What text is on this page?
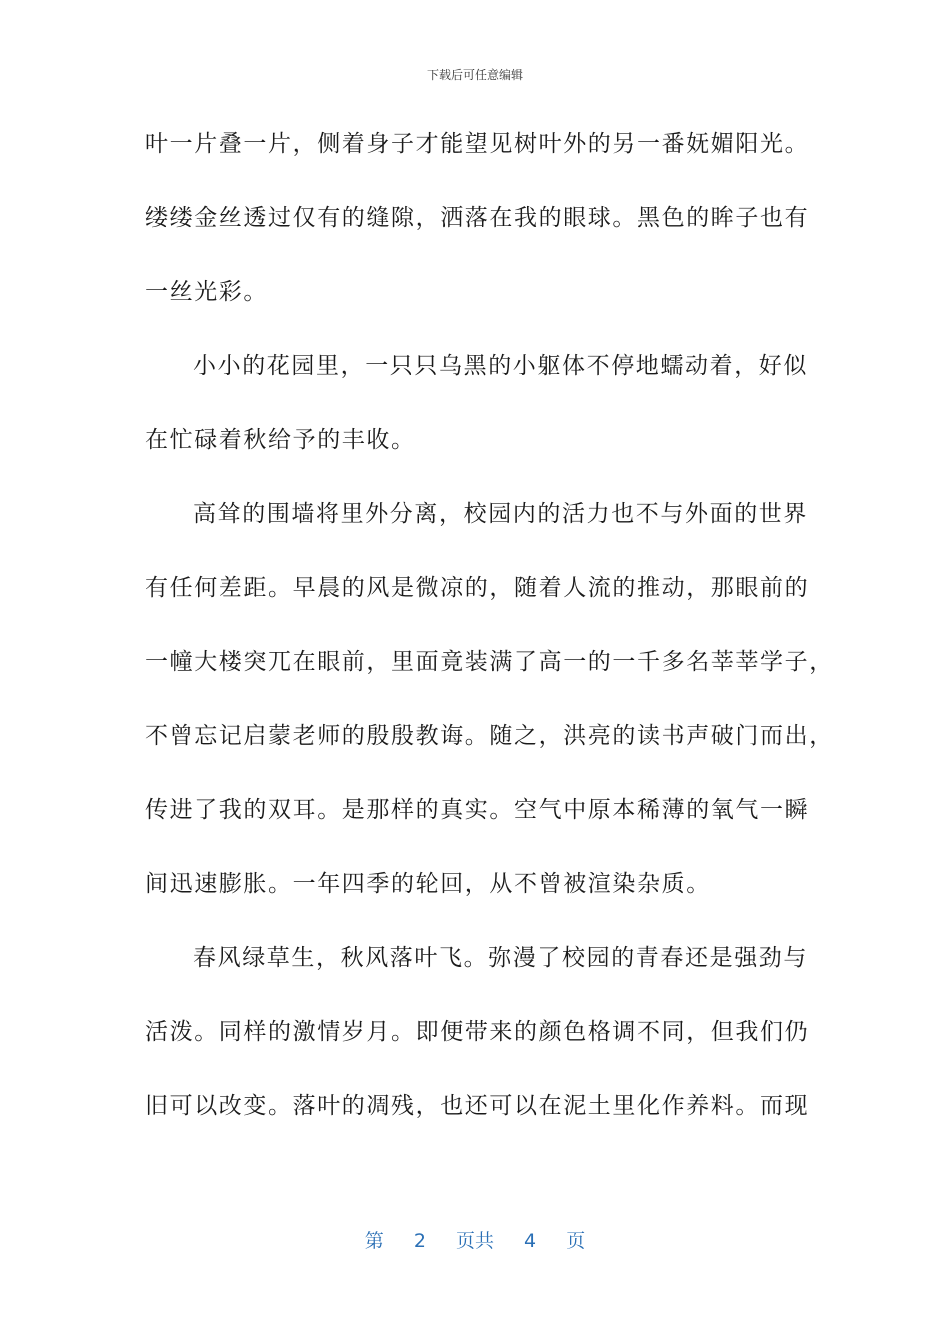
下载后可任意编辑
叶一片叠一片，侧着身子才能望见树叶外的另一番妩媚阳光。
缕缕金丝透过仅有的缝隙，洒落在我的眼球。黑色的眸子也有
一丝光彩。
小小的花园里，一只只乌黑的小躯体不停地蠕动着，好似
在忙碌着秋给予的丰收。
高耸的围墙将里外分离，校园内的活力也不与外面的世界
有任何差距。早晨的风是微凉的，随着人流的推动，那眼前的
一幢大楼突兀在眼前，里面竟装满了高一的一千多名莘莘学子，
不曾忘记启蒙老师的殷殷教诲。随之，洪亮的读书声破门而出，
传进了我的双耳。是那样的真实。空气中原本稀薄的氧气一瞬
间迅速膨胀。一年四季的轮回，从不曾被渲染杂质。
春风绿草生，秋风落叶飞。弥漫了校园的青春还是强劲与
活泼。同样的激情岁月。即便带来的颜色格调不同，但我们仍
旧可以改变。落叶的凋残，也还可以在泥土里化作养料。而现
第 2 页共 4 页
